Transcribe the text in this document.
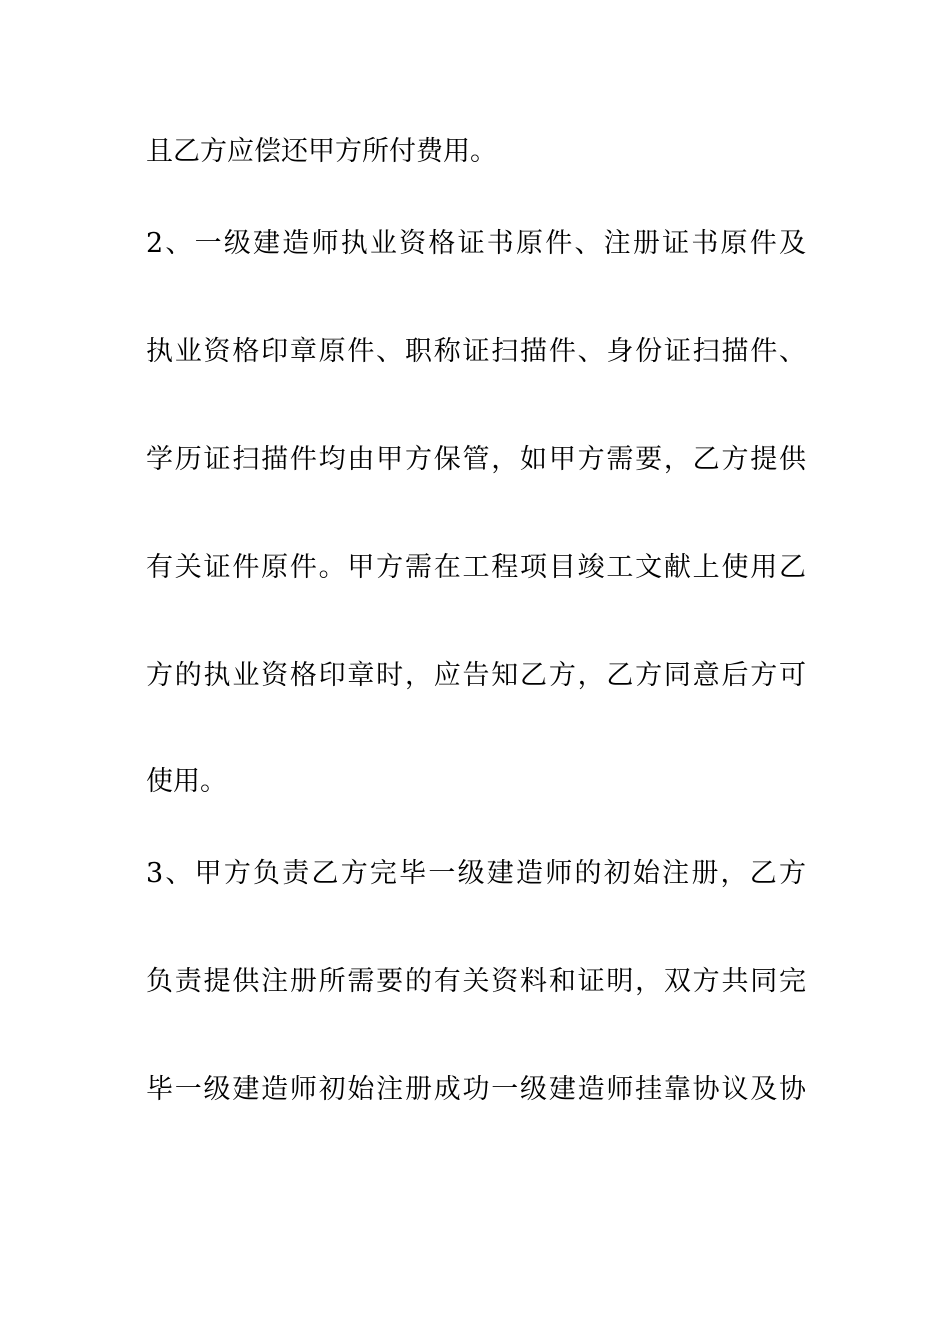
且乙方应偿还甲方所付费用。
2、一级建造师执业资格证书原件、注册证书原件及
执业资格印章原件、职称证扫描件、身份证扫描件、
学历证扫描件均由甲方保管，如甲方需要，乙方提供
有关证件原件。甲方需在工程项目竣工文献上使用乙
方的执业资格印章时，应告知乙方，乙方同意后方可
使用。
3、甲方负责乙方完毕一级建造师的初始注册，乙方
负责提供注册所需要的有关资料和证明，双方共同完
毕一级建造师初始注册成功一级建造师挂靠协议及协
